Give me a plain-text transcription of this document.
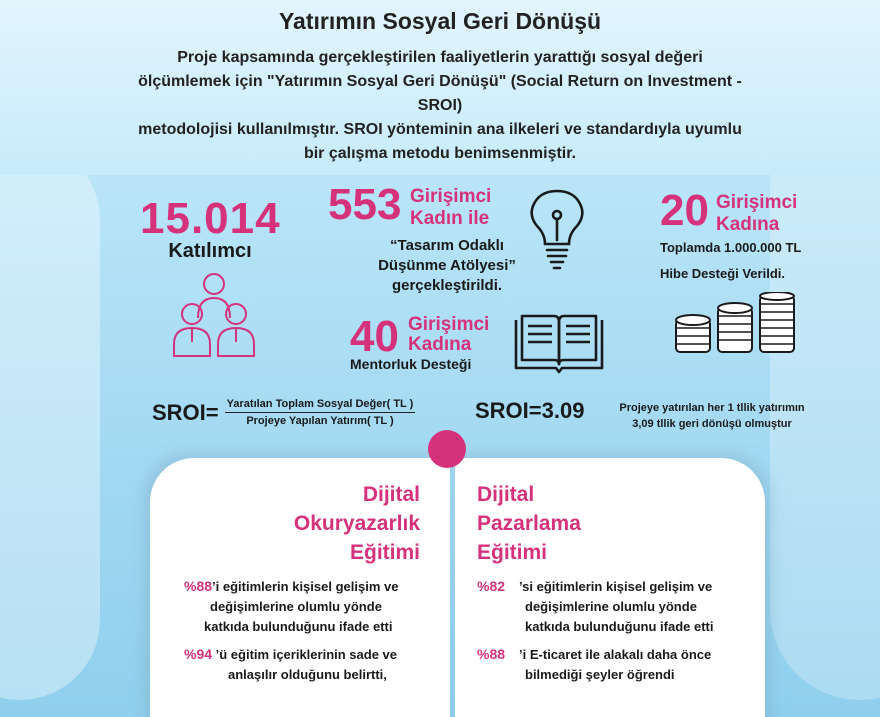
Yatırımın Sosyal Geri Dönüşü
Proje kapsamında gerçekleştirilen faaliyetlerin yarattığı sosyal değeri
ölçümlemek için "Yatırımın Sosyal Geri Dönüşü" (Social Return on Investment - SROI)
metodolojisi kullanılmıştır. SROI yönteminin ana ilkeleri ve standardıyla uyumlu
bir çalışma metodu benimsenmiştir.
15.014
Katılımcı
553 Girişimci
Kadın ile
“Tasarım Odaklı
Düşünme Atölyesi”
gerçekleştirildi.
40 Girişimci
Kadına
Mentorluk Desteği
20 Girişimci
Kadına
Toplamda 1.000.000 TL
Hibe Desteği Verildi.
SROI = $\frac{\text{Yaratılan Toplam Sosyal Değer( TL )}}{\text{Projeye Yapılan Yatırım( TL )}}$	SROI=3.09	Projeye yatırılan her 1 tllik yatırımın
3,09 tllik geri dönüşü olmuştur
Dijital
Okuryazarlık
Eğitimi
%88’i eğitimlerin kişisel gelişim ve
değişimlerine olumlu yönde
katkıda bulunduğunu ifade etti
%94 ’ü eğitim içeriklerinin sade ve
anlaşılır olduğunu belirtti,
Dijital
Pazarlama
Eğitimi
%82 ’si eğitimlerin kişisel gelişim ve
değişimlerine olumlu yönde
katkıda bulunduğunu ifade etti
%88 ’i E-ticaret ile alakalı daha önce
bilmediği şeyler öğrendi
